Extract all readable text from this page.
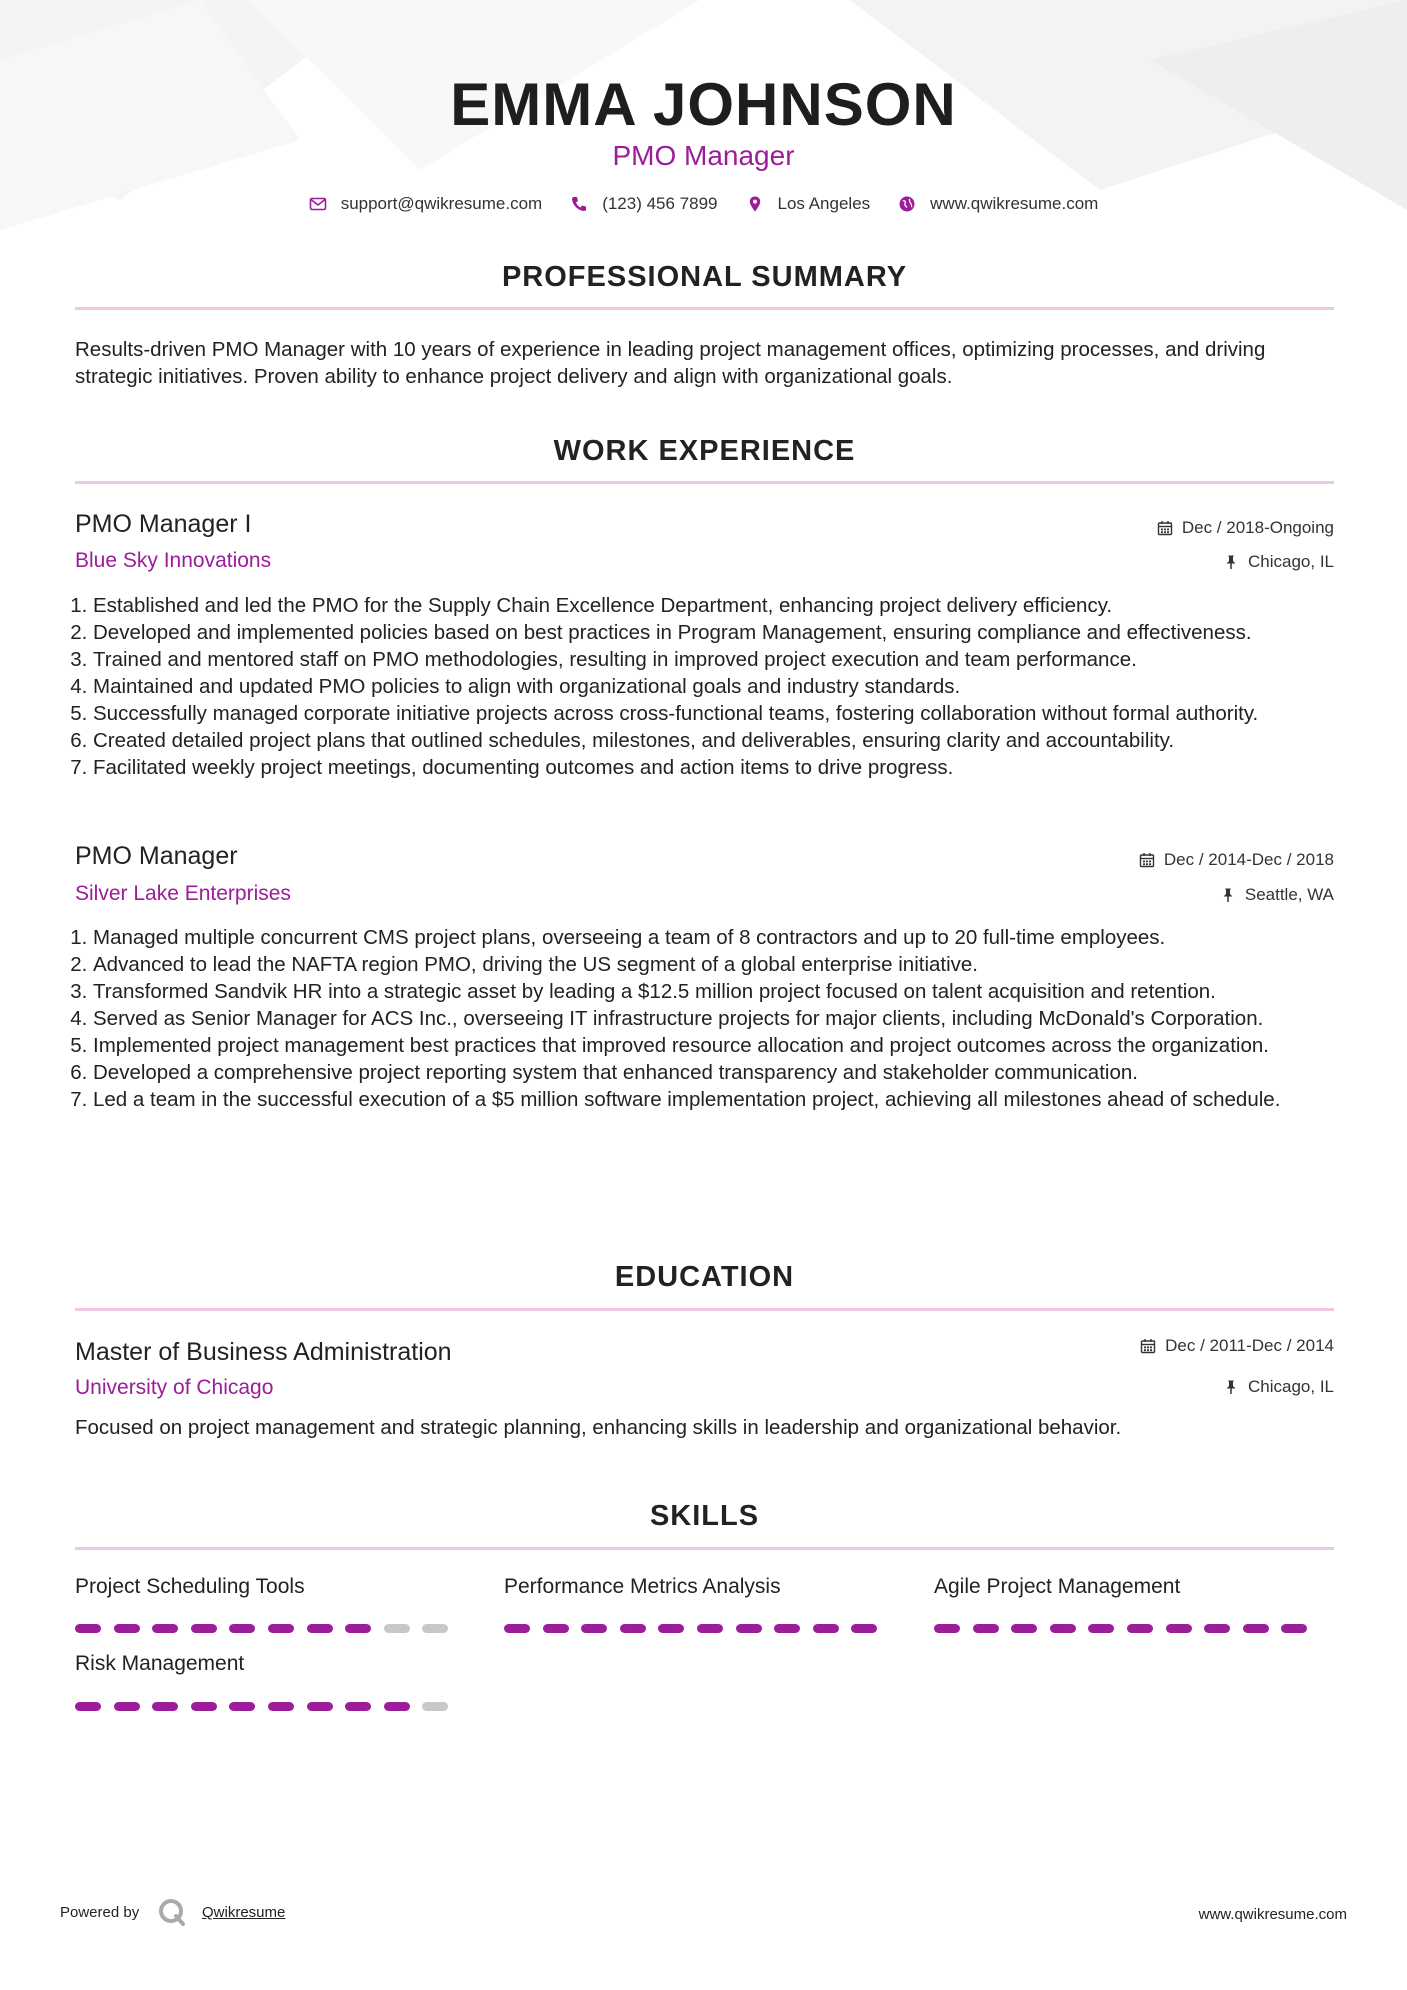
EMMA JOHNSON
PMO Manager
support@qwikresume.com	(123) 456 7899	Los Angeles	www.qwikresume.com
PROFESSIONAL SUMMARY
Results-driven PMO Manager with 10 years of experience in leading project management offices, optimizing processes, and driving strategic initiatives. Proven ability to enhance project delivery and align with organizational goals.
WORK EXPERIENCE
PMO Manager I	Dec / 2018-Ongoing
Blue Sky Innovations	Chicago, IL
1. Established and led the PMO for the Supply Chain Excellence Department, enhancing project delivery efficiency.
2. Developed and implemented policies based on best practices in Program Management, ensuring compliance and effectiveness.
3. Trained and mentored staff on PMO methodologies, resulting in improved project execution and team performance.
4. Maintained and updated PMO policies to align with organizational goals and industry standards.
5. Successfully managed corporate initiative projects across cross-functional teams, fostering collaboration without formal authority.
6. Created detailed project plans that outlined schedules, milestones, and deliverables, ensuring clarity and accountability.
7. Facilitated weekly project meetings, documenting outcomes and action items to drive progress.
PMO Manager	Dec / 2014-Dec / 2018
Silver Lake Enterprises	Seattle, WA
1. Managed multiple concurrent CMS project plans, overseeing a team of 8 contractors and up to 20 full-time employees.
2. Advanced to lead the NAFTA region PMO, driving the US segment of a global enterprise initiative.
3. Transformed Sandvik HR into a strategic asset by leading a $12.5 million project focused on talent acquisition and retention.
4. Served as Senior Manager for ACS Inc., overseeing IT infrastructure projects for major clients, including McDonald's Corporation.
5. Implemented project management best practices that improved resource allocation and project outcomes across the organization.
6. Developed a comprehensive project reporting system that enhanced transparency and stakeholder communication.
7. Led a team in the successful execution of a $5 million software implementation project, achieving all milestones ahead of schedule.
EDUCATION
Master of Business Administration	Dec / 2011-Dec / 2014
University of Chicago	Chicago, IL
Focused on project management and strategic planning, enhancing skills in leadership and organizational behavior.
SKILLS
Project Scheduling Tools	Performance Metrics Analysis	Agile Project Management
Risk Management
Powered by	Qwikresume	www.qwikresume.com
